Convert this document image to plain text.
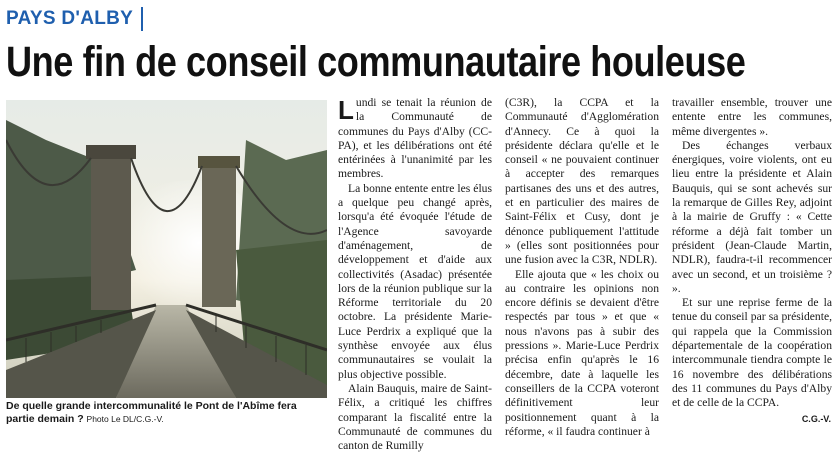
PAYS D'ALBY
Une fin de conseil communautaire houleuse
De quelle grande intercommunalité le Pont de l'Abîme fera partie demain ? Photo Le DL/C.G.-V.

Lundi se tenait la réunion de la Communauté de communes du Pays d'Alby (CC-PA), et les délibérations ont été entérinées à l'unanimité par les membres.

La bonne entente entre les élus a quelque peu changé après, lorsqu'a été évoquée l'étude de l'Agence savoyarde d'aménagement, de développement et d'aide aux collectivités (Asadac) présentée lors de la réunion publique sur la Réforme territoriale du 20 octobre. La présidente Marie-Luce Perdrix a expliqué que la synthèse envoyée aux élus communautaires se voulait la plus objective possible.

Alain Bauquis, maire de Saint-Félix, a critiqué les chiffres comparant la fiscalité entre la Communauté de communes du canton de Rumilly

(C3R), la CCPA et la Communauté d'Agglomération d'Annecy. Ce à quoi la présidente déclara qu'elle et le conseil « ne pouvaient continuer à accepter des remarques partisanes des uns et des autres, et en particulier des maires de Saint-Félix et Cusy, dont je dénonce publiquement l'attitude » (elles sont positionnées pour une fusion avec la C3R, NDLR).

Elle ajouta que « les choix ou au contraire les opinions non encore définis se devaient d'être respectés par tous » et que « nous n'avons pas à subir des pressions ». Marie-Luce Perdrix précisa enfin qu'après le 16 décembre, date à laquelle les conseillers de la CCPA voteront définitivement leur positionnement quant à la réforme, « il faudra continuer à

travailler ensemble, trouver une entente entre les communes, même divergentes ».

Des échanges verbaux énergiques, voire violents, ont eu lieu entre la présidente et Alain Bauquis, qui se sont achevés sur la remarque de Gilles Rey, adjoint à la mairie de Gruffy : « Cette réforme a déjà fait tomber un président (Jean-Claude Martin, NDLR), faudra-t-il recommencer avec un second, et un troisième ? ».

Et sur une reprise ferme de la tenue du conseil par sa présidente, qui rappela que la Commission départementale de la coopération intercommunale tiendra compte le 16 novembre des délibérations des 11 communes du Pays d'Alby et de celle de la CCPA.

C.G.-V.
